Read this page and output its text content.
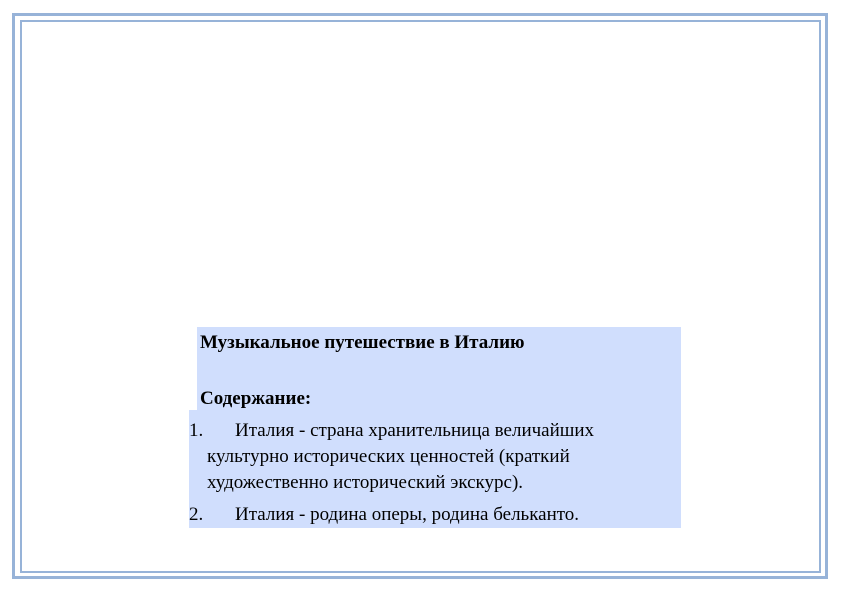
Музыкальное путешествие в Италию
Содержание:
1.	Италия - страна хранительница величайших культурно исторических ценностей (краткий художественно исторический экскурс).
2.	Италия - родина оперы, родина бельканто.
